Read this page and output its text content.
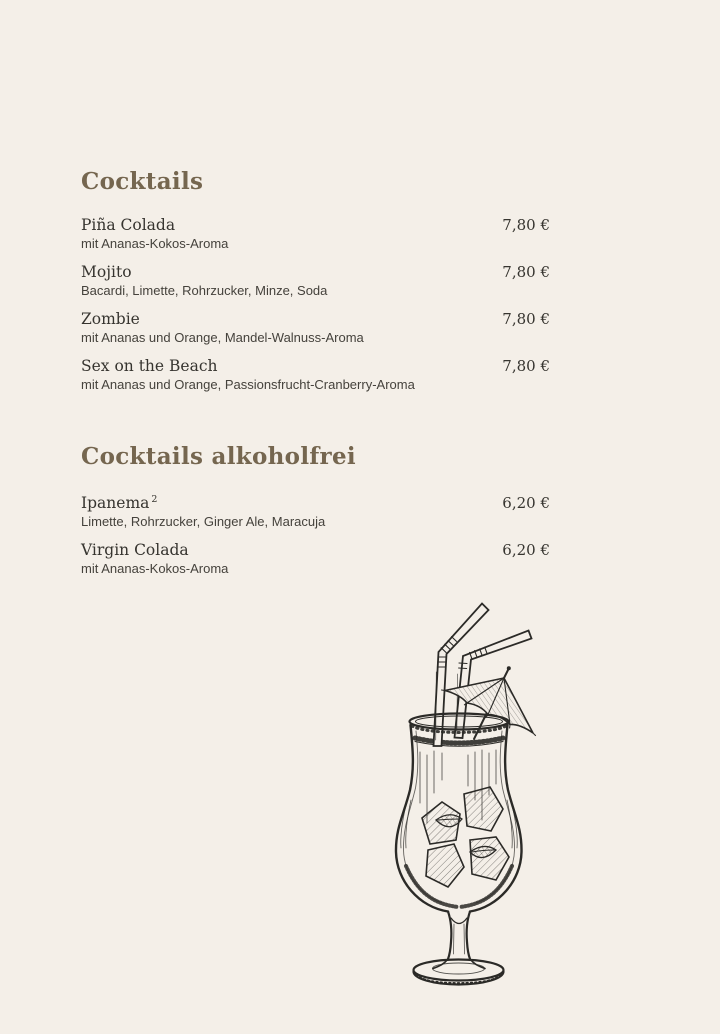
Cocktails
Piña Colada	7,80 €
mit Ananas-Kokos-Aroma
Mojito	7,80 €
Bacardi, Limette, Rohrzucker, Minze, Soda
Zombie	7,80 €
mit Ananas und Orange, Mandel-Walnuss-Aroma
Sex on the Beach	7,80 €
mit Ananas und Orange, Passionsfrucht-Cranberry-Aroma
Cocktails alkoholfrei
Ipanema $^2$	6,20 €
Limette, Rohrzucker, Ginger Ale, Maracuja
Virgin Colada	6,20 €
mit Ananas-Kokos-Aroma
